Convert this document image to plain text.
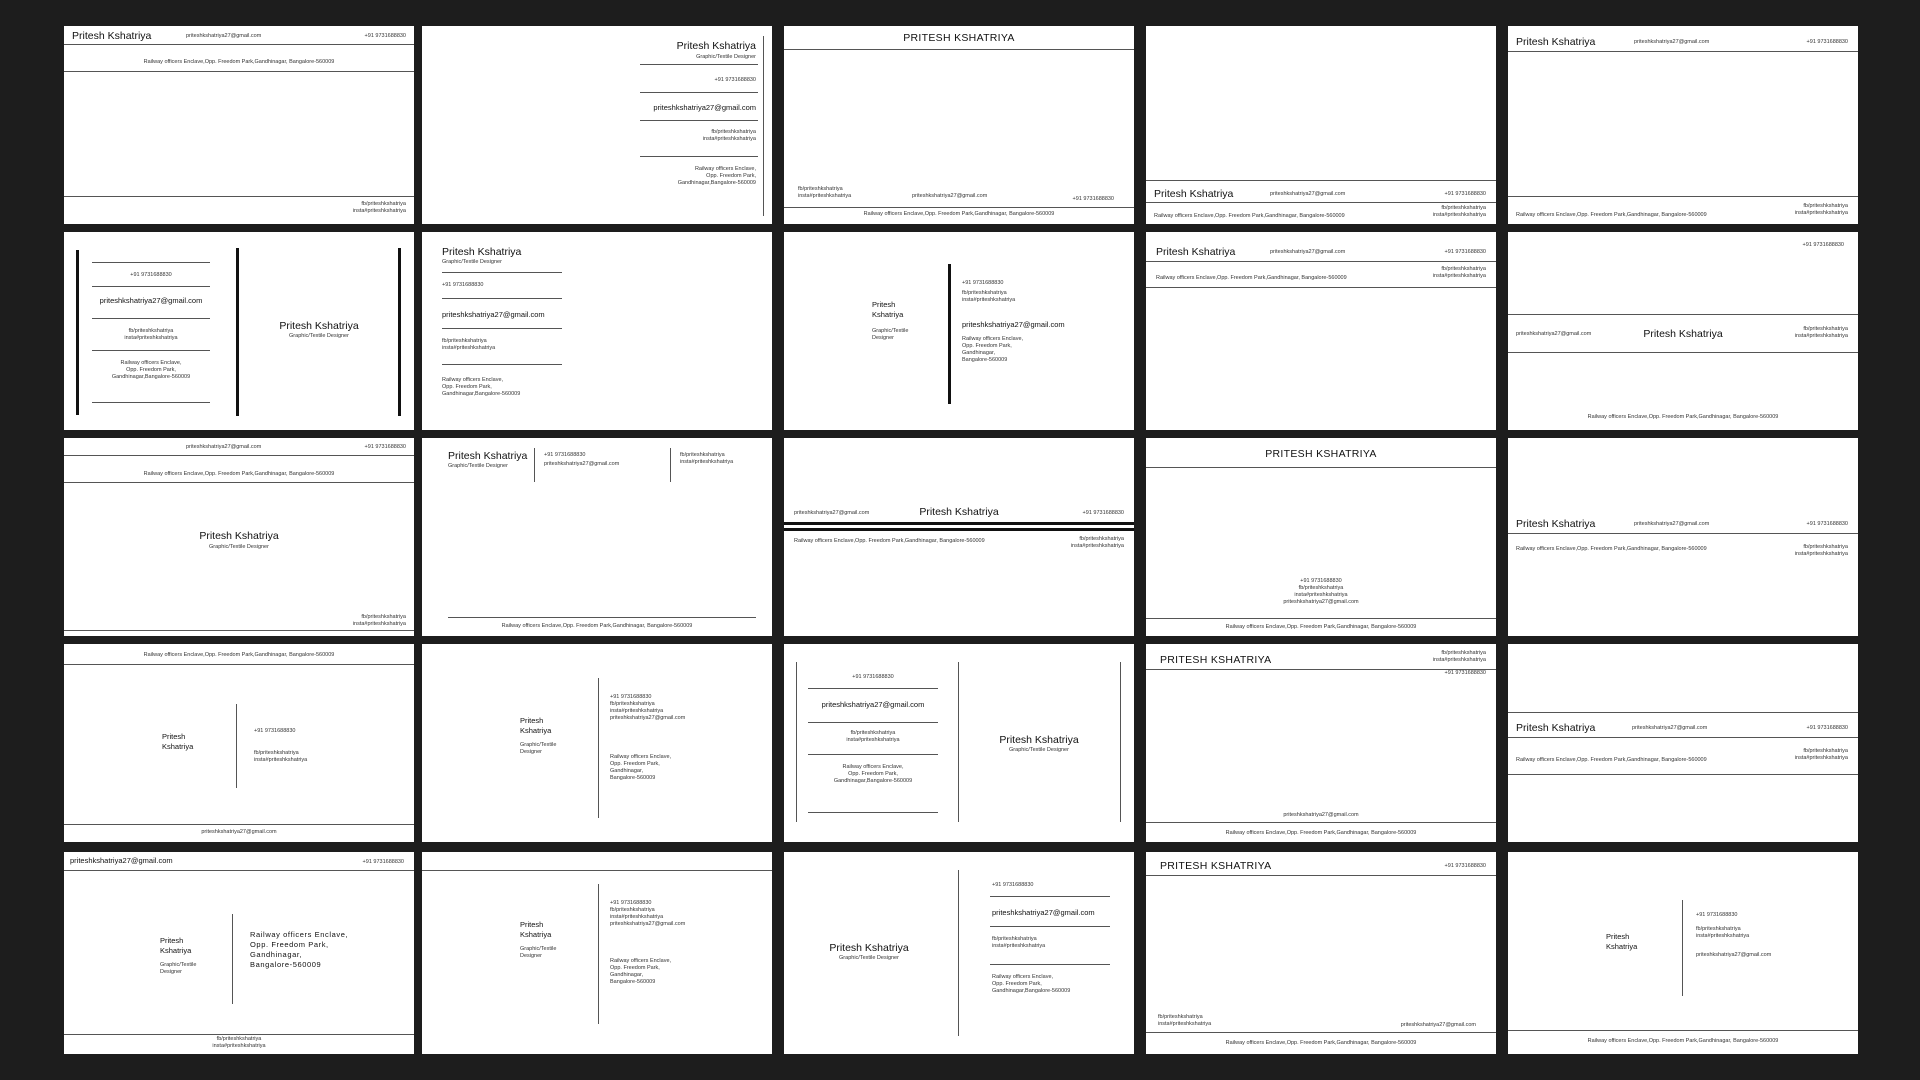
Pritesh Kshatriya	priteshkshatriya27@gmail.com	+91 9731688830
Railway officers Enclave,Opp. Freedom Park,Gandhinagar, Bangalore-560009
fb/priteshkshatriya
insta#priteshkshatriya
Pritesh Kshatriya
Graphic/Textile Designer
+91 9731688830
priteshkshatriya27@gmail.com
fb/priteshkshatriya
insta#priteshkshatriya
Railway officers Enclave,
Opp. Freedom Park,
Gandhinagar,Bangalore-560009
PRITESH KSHATRIYA
fb/priteshkshatriya
insta#priteshkshatriya	priteshkshatriya27@gmail.com	+91 9731688830
Railway officers Enclave,Opp. Freedom Park,Gandhinagar, Bangalore-560009
Pritesh Kshatriya	priteshkshatriya27@gmail.com	+91 9731688830
Railway officers Enclave,Opp. Freedom Park,Gandhinagar, Bangalore-560009
fb/priteshkshatriya
insta#priteshkshatriya
Pritesh Kshatriya	priteshkshatriya27@gmail.com	+91 9731688830
Railway officers Enclave,Opp. Freedom Park,Gandhinagar, Bangalore-560009
fb/priteshkshatriya
insta#priteshkshatriya
+91 9731688830
priteshkshatriya27@gmail.com
fb/priteshkshatriya
insta#priteshkshatriya
Railway officers Enclave,
Opp. Freedom Park,
Gandhinagar,Bangalore-560009
Pritesh Kshatriya
Graphic/Textile Designer
Pritesh Kshatriya
Graphic/Textile Designer
+91 9731688830
priteshkshatriya27@gmail.com
fb/priteshkshatriya
insta#priteshkshatriya
Railway officers Enclave,
Opp. Freedom Park,
Gandhinagar,Bangalore-560009
Pritesh
Kshatriya
Graphic/Textile
Designer
fb/priteshkshatriya
insta#priteshkshatriya
+91 9731688830
priteshkshatriya27@gmail.com
Railway officers Enclave,
Opp. Freedom Park,
Gandhinagar,
Bangalore-560009
Pritesh Kshatriya	priteshkshatriya27@gmail.com	+91 9731688830
Railway officers Enclave,Opp. Freedom Park,Gandhinagar, Bangalore-560009
fb/priteshkshatriya
insta#priteshkshatriya
+91 9731688830
priteshkshatriya27@gmail.com	Pritesh Kshatriya	fb/priteshkshatriya
insta#priteshkshatriya
Railway officers Enclave,Opp. Freedom Park,Gandhinagar, Bangalore-560009
priteshkshatriya27@gmail.com	+91 9731688830
Railway officers Enclave,Opp. Freedom Park,Gandhinagar, Bangalore-560009
Pritesh Kshatriya
Graphic/Textile Designer
fb/priteshkshatriya
insta#priteshkshatriya
Pritesh Kshatriya
Graphic/Textile Designer
+91 9731688830
priteshkshatriya27@gmail.com
fb/priteshkshatriya
insta#priteshkshatriya
Railway officers Enclave,Opp. Freedom Park,Gandhinagar, Bangalore-560009
priteshkshatriya27@gmail.com	Pritesh Kshatriya	+91 9731688830
Railway officers Enclave,Opp. Freedom Park,Gandhinagar, Bangalore-560009	fb/priteshkshatriya
insta#priteshkshatriya
PRITESH KSHATRIYA
+91 9731688830
fb/priteshkshatriya
insta#priteshkshatriya
priteshkshatriya27@gmail.com
Railway officers Enclave,Opp. Freedom Park,Gandhinagar, Bangalore-560009
Pritesh Kshatriya	priteshkshatriya27@gmail.com	+91 9731688830
Railway officers Enclave,Opp. Freedom Park,Gandhinagar, Bangalore-560009	fb/priteshkshatriya
insta#priteshkshatriya
Railway officers Enclave,Opp. Freedom Park,Gandhinagar, Bangalore-560009
Pritesh
Kshatriya
+91 9731688830
fb/priteshkshatriya
insta#priteshkshatriya
priteshkshatriya27@gmail.com
Pritesh
Kshatriya
Graphic/Textile
Designer
+91 9731688830
fb/priteshkshatriya
insta#priteshkshatriya
priteshkshatriya27@gmail.com
Railway officers Enclave,
Opp. Freedom Park,
Gandhinagar,
Bangalore-560009
+91 9731688830
priteshkshatriya27@gmail.com
fb/priteshkshatriya
insta#priteshkshatriya
Railway officers Enclave,
Opp. Freedom Park,
Gandhinagar,Bangalore-560009
Pritesh Kshatriya
Graphic/Textile Designer
PRITESH KSHATRIYA
fb/priteshkshatriya
insta#priteshkshatriya
+91 9731688830
priteshkshatriya27@gmail.com
Railway officers Enclave,Opp. Freedom Park,Gandhinagar, Bangalore-560009
Pritesh Kshatriya	priteshkshatriya27@gmail.com	+91 9731688830
Railway officers Enclave,Opp. Freedom Park,Gandhinagar, Bangalore-560009
fb/priteshkshatriya
insta#priteshkshatriya
priteshkshatriya27@gmail.com	+91 9731688830
Pritesh
Kshatriya
Graphic/Textile
Designer
Railway officers Enclave,
Opp. Freedom Park,
Gandhinagar,
Bangalore-560009
fb/priteshkshatriya
insta#priteshkshatriya
Pritesh
Kshatriya
Graphic/Textile
Designer
+91 9731688830
fb/priteshkshatriya
insta#priteshkshatriya
priteshkshatriya27@gmail.com
Railway officers Enclave,
Opp. Freedom Park,
Gandhinagar,
Bangalore-560009
Pritesh Kshatriya
Graphic/Textile Designer
+91 9731688830
priteshkshatriya27@gmail.com
fb/priteshkshatriya
insta#priteshkshatriya
Railway officers Enclave,
Opp. Freedom Park,
Gandhinagar,Bangalore-560009
PRITESH KSHATRIYA	+91 9731688830
fb/priteshkshatriya
insta#priteshkshatriya	priteshkshatriya27@gmail.com
Railway officers Enclave,Opp. Freedom Park,Gandhinagar, Bangalore-560009
Pritesh
Kshatriya
+91 9731688830
fb/priteshkshatriya
insta#priteshkshatriya
priteshkshatriya27@gmail.com
Railway officers Enclave,Opp. Freedom Park,Gandhinagar, Bangalore-560009
